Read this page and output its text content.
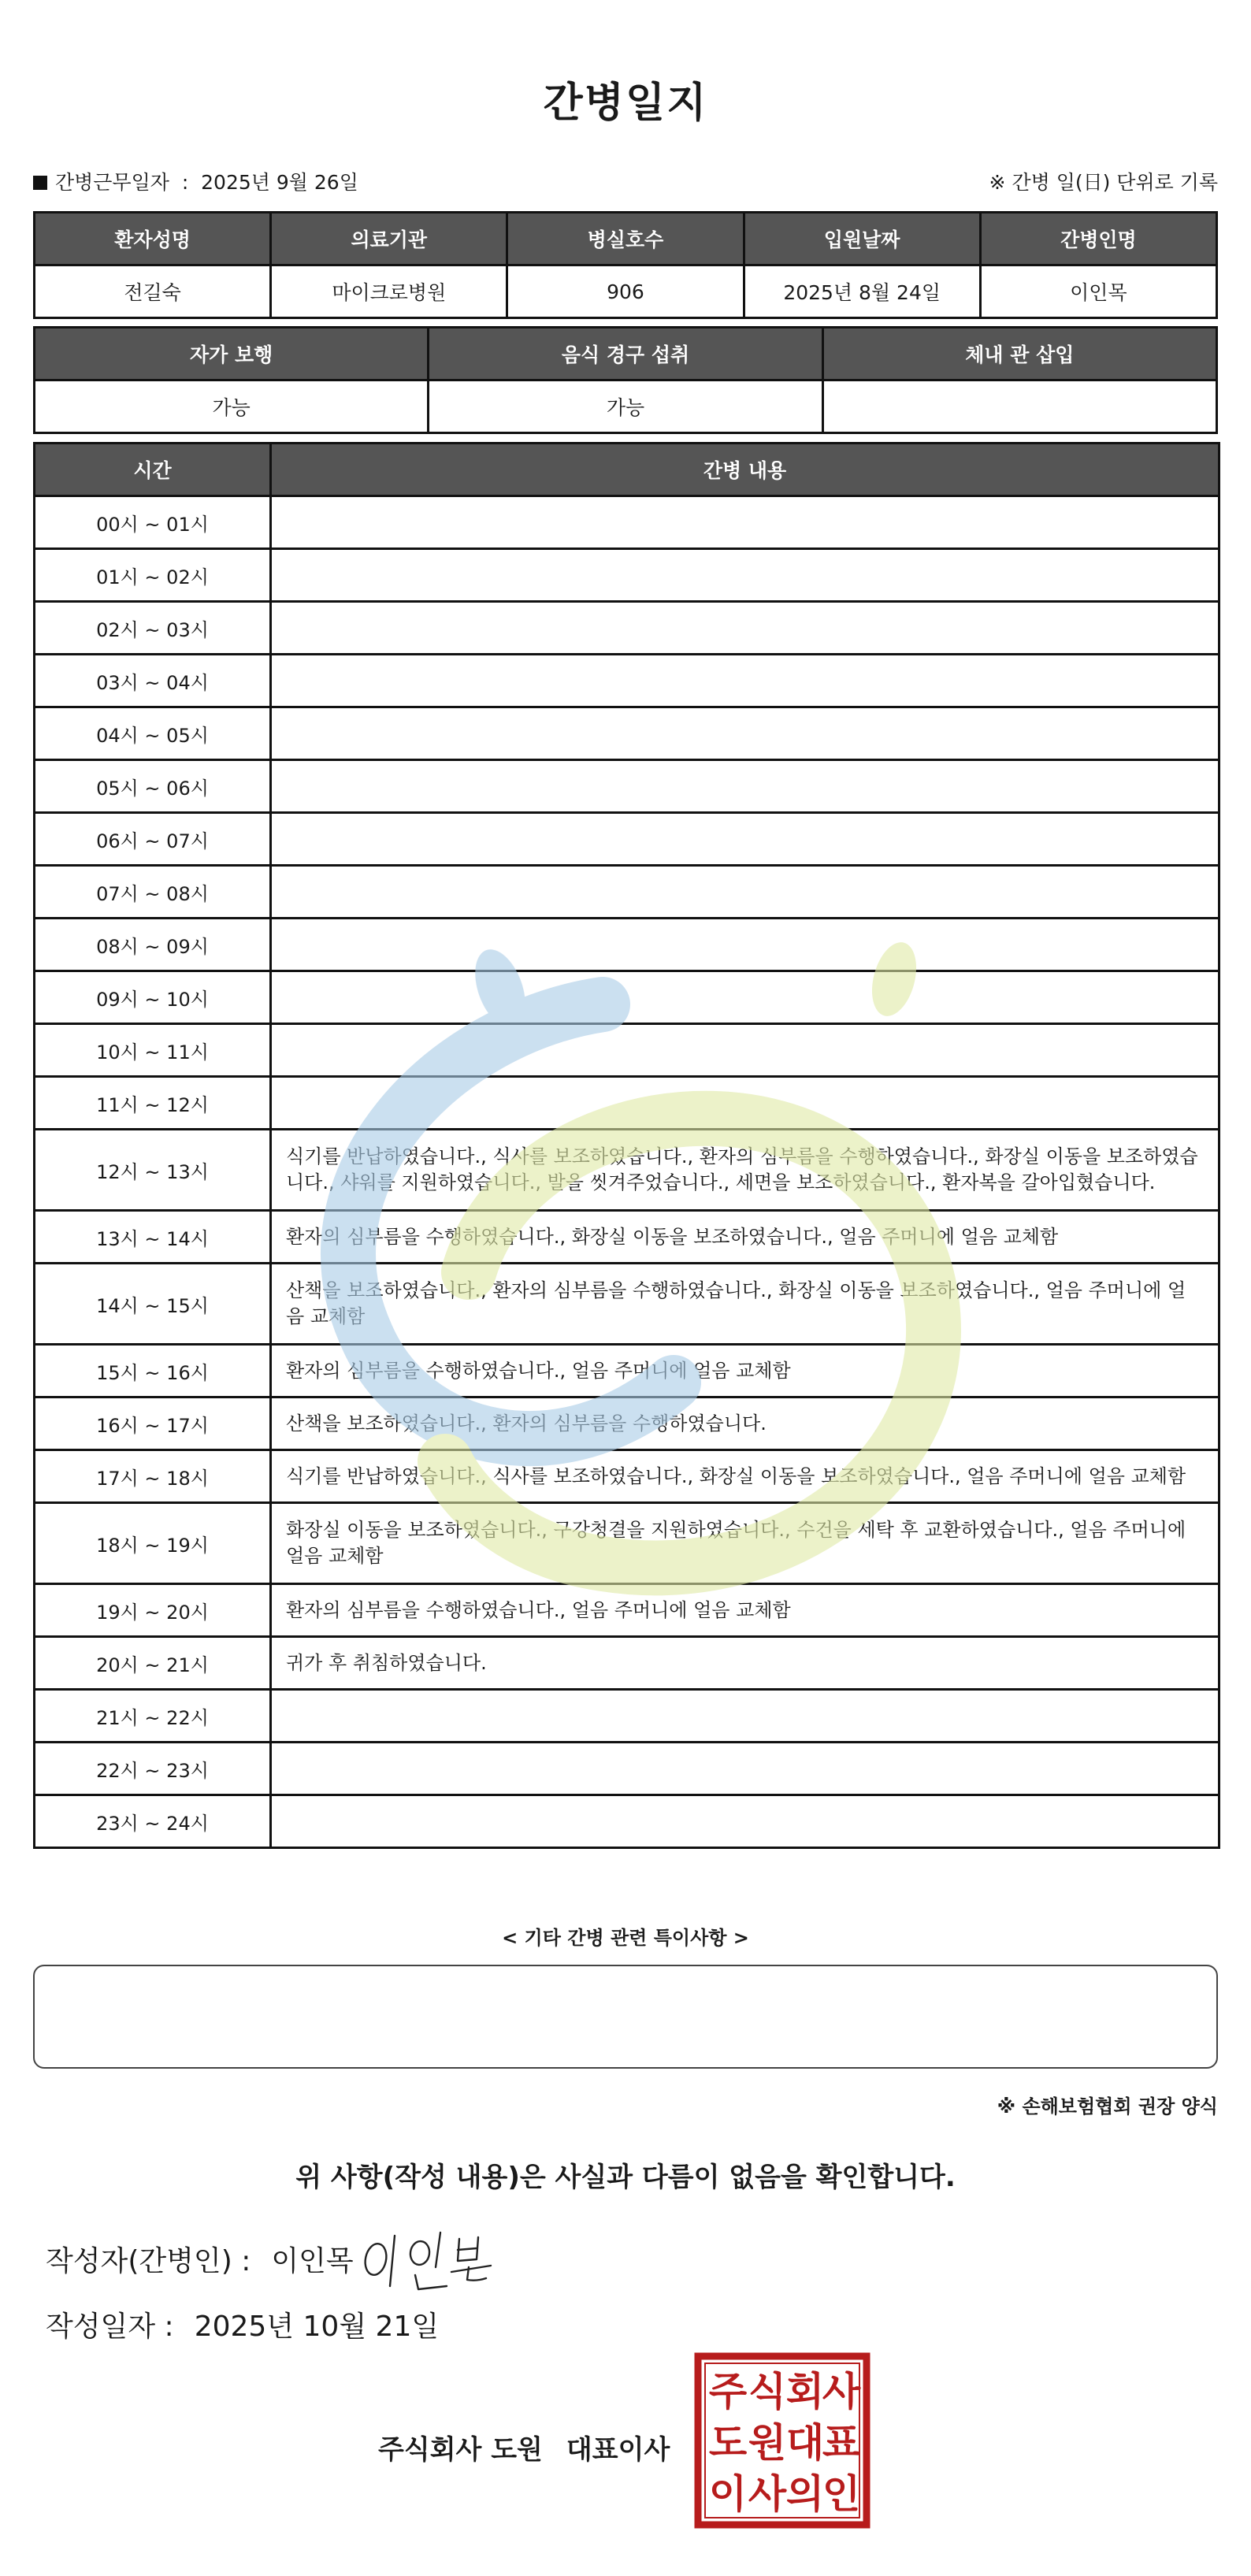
간병일지
간병근무일자 : 2025년 9월 26일	※ 간병 일(日) 단위로 기록
환자성명	의료기관	병실호수	입원날짜	간병인명
전길숙	마이크로병원	906	2025년 8월 24일	이인목
자가 보행	음식 경구 섭취	체내 관 삽입
가능	가능	
시간	간병 내용
00시 ~ 01시	
01시 ~ 02시	
02시 ~ 03시	
03시 ~ 04시	
04시 ~ 05시	
05시 ~ 06시	
06시 ~ 07시	
07시 ~ 08시	
08시 ~ 09시	
09시 ~ 10시	
10시 ~ 11시	
11시 ~ 12시	
12시 ~ 13시	식기를 반납하였습니다., 식사를 보조하였습니다., 환자의 심부름을 수행하였습니다., 화장실 이동을 보조하였습니다., 샤워를 지원하였습니다., 발을 씻겨주었습니다., 세면을 보조하였습니다., 환자복을 갈아입혔습니다.
13시 ~ 14시	환자의 심부름을 수행하였습니다., 화장실 이동을 보조하였습니다., 얼음 주머니에 얼음 교체함
14시 ~ 15시	산책을 보조하였습니다., 환자의 심부름을 수행하였습니다., 화장실 이동을 보조하였습니다., 얼음 주머니에 얼음 교체함
15시 ~ 16시	환자의 심부름을 수행하였습니다., 얼음 주머니에 얼음 교체함
16시 ~ 17시	산책을 보조하였습니다., 환자의 심부름을 수행하였습니다.
17시 ~ 18시	식기를 반납하였습니다., 식사를 보조하였습니다., 화장실 이동을 보조하였습니다., 얼음 주머니에 얼음 교체함
18시 ~ 19시	화장실 이동을 보조하였습니다., 구강청결을 지원하였습니다., 수건을 세탁 후 교환하였습니다., 얼음 주머니에 얼음 교체함
19시 ~ 20시	환자의 심부름을 수행하였습니다., 얼음 주머니에 얼음 교체함
20시 ~ 21시	귀가 후 취침하였습니다.
21시 ~ 22시	
22시 ~ 23시	
23시 ~ 24시	
< 기타 간병 관련 특이사항 >
※ 손해보험협회 권장 양식
위 사항(작성 내용)은 사실과 다름이 없음을 확인합니다.
작성자(간병인) : 이인목
작성일자 : 2025년 10월 21일
주식회사 도원 대표이사
주 식 회
사
도 원 대
표
이 사 의
인
